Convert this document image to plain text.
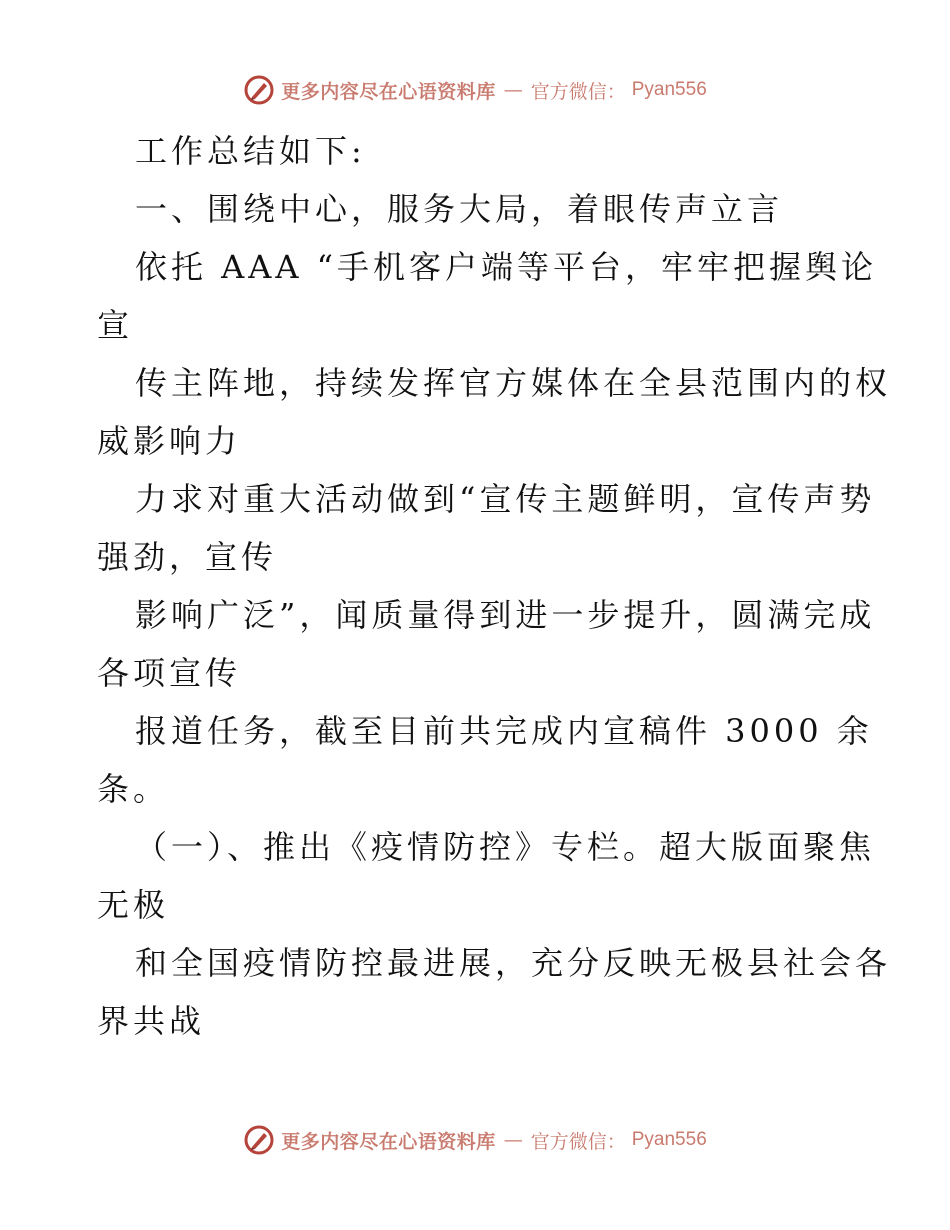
更多内容尽在心语资料库 — 官方微信： Pyan556
工作总结如下:
一、围绕中心，服务大局，着眼传声立言
依托 AAA “手机客户端等平台，牢牢把握舆论
宣
传主阵地，持续发挥官方媒体在全县范围内的权
威影响力
力求对重大活动做到“宣传主题鲜明，宣传声势
强劲，宣传
影响广泛”，闻质量得到进一步提升，圆满完成
各项宣传
报道任务，截至目前共完成内宣稿件 3000 余
条。
（一）、推出《疫情防控》专栏。超大版面聚焦
无极
和全国疫情防控最进展，充分反映无极县社会各
界共战
更多内容尽在心语资料库 — 官方微信： Pyan556
